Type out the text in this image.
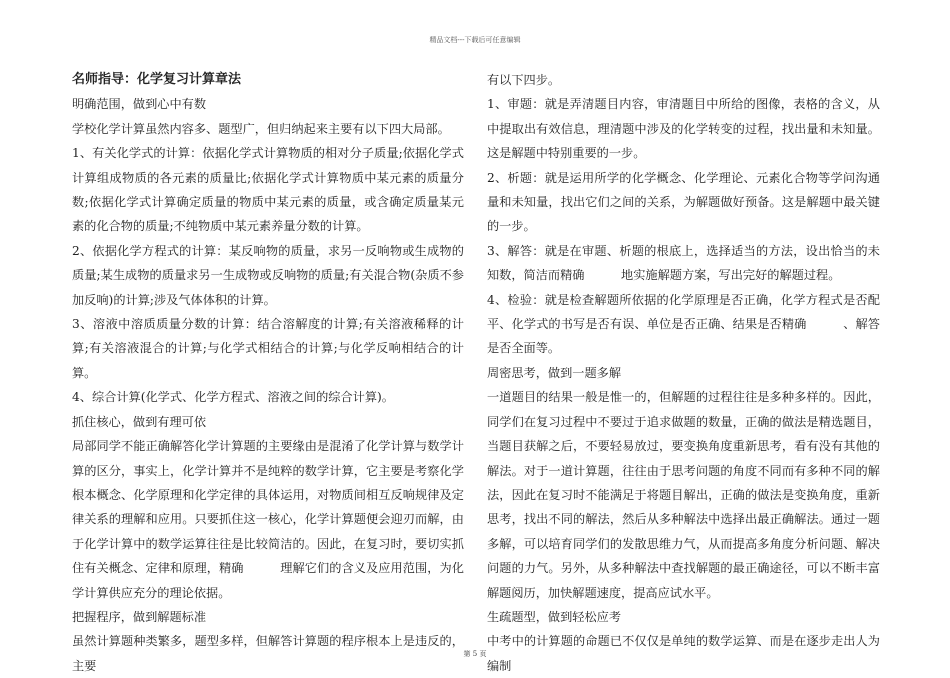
精品文档---下载后可任意编辑

名师指导：化学复习计算章法

明确范围，做到心中有数

学校化学计算虽然内容多、题型广，但归纳起来主要有以下四大局部。

1、有关化学式的计算：依据化学式计算物质的相对分子质量;依据化学式计算组成物质的各元素的质量比;依据化学式计算物质中某元素的质量分数;依据化学式计算确定质量的物质中某元素的质量，或含确定质量某元素的化合物的质量;不纯物质中某元素养量分数的计算。

2、依据化学方程式的计算：某反响物的质量，求另一反响物或生成物的质量;某生成物的质量求另一生成物或反响物的质量;有关混合物(杂质不参加反响)的计算;涉及气体体积的计算。

3、溶液中溶质质量分数的计算：结合溶解度的计算;有关溶液稀释的计算;有关溶液混合的计算;与化学式相结合的计算;与化学反响相结合的计算。

4、综合计算(化学式、化学方程式、溶液之间的综合计算)。

抓住核心，做到有理可依

局部同学不能正确解答化学计算题的主要缘由是混淆了化学计算与数学计算的区分，事实上，化学计算并不是纯粹的数学计算，它主要是考察化学根本概念、化学原理和化学定律的具体运用，对物质间相互反响规律及定律关系的理解和应用。只要抓住这一核心，化学计算题便会迎刃而解，由于化学计算中的数学运算往往是比较简洁的。因此，在复习时，要切实抓住有关概念、定律和原理，精确　　　理解它们的含义及应用范围，为化学计算供应充分的理论依据。

把握程序，做到解题标准

虽然计算题种类繁多，题型多样，但解答计算题的程序根本上是违反的，主要

有以下四步。

1、审题：就是弄清题目内容，审清题目中所给的图像，表格的含义，从中提取出有效信息，理清题中涉及的化学转变的过程，找出量和未知量。这是解题中特别重要的一步。

2、析题：就是运用所学的化学概念、化学理论、元素化合物等学问沟通量和未知量，找出它们之间的关系，为解题做好预备。这是解题中最关键的一步。

3、解答：就是在审题、析题的根底上，选择适当的方法，设出恰当的未知数，简洁而精确　　　地实施解题方案，写出完好的解题过程。

4、检验：就是检查解题所依据的化学原理是否正确，化学方程式是否配平、化学式的书写是否有误、单位是否正确、结果是否精确　　　、解答是否全面等。

周密思考，做到一题多解

一道题目的结果一般是惟一的，但解题的过程往往是多种多样的。因此，同学们在复习过程中不要过于追求做题的数量，正确的做法是精选题目，当题目获解之后，不要轻易放过，要变换角度重新思考，看有没有其他的解法。对于一道计算题，往往由于思考问题的角度不同而有多种不同的解法，因此在复习时不能满足于将题目解出，正确的做法是变换角度，重新思考，找出不同的解法，然后从多种解法中选择出最正确解法。通过一题多解，可以培育同学们的发散思维力气，从而提高多角度分析问题、解决问题的力气。另外，从多种解法中查找解题的最正确途径，可以不断丰富解题阅历，加快解题速度，提高应试水平。

生疏题型，做到轻松应考

中考中的计算题的命题已不仅仅是单纯的数学运算、而是在逐步走出人为编制

第 5 页
